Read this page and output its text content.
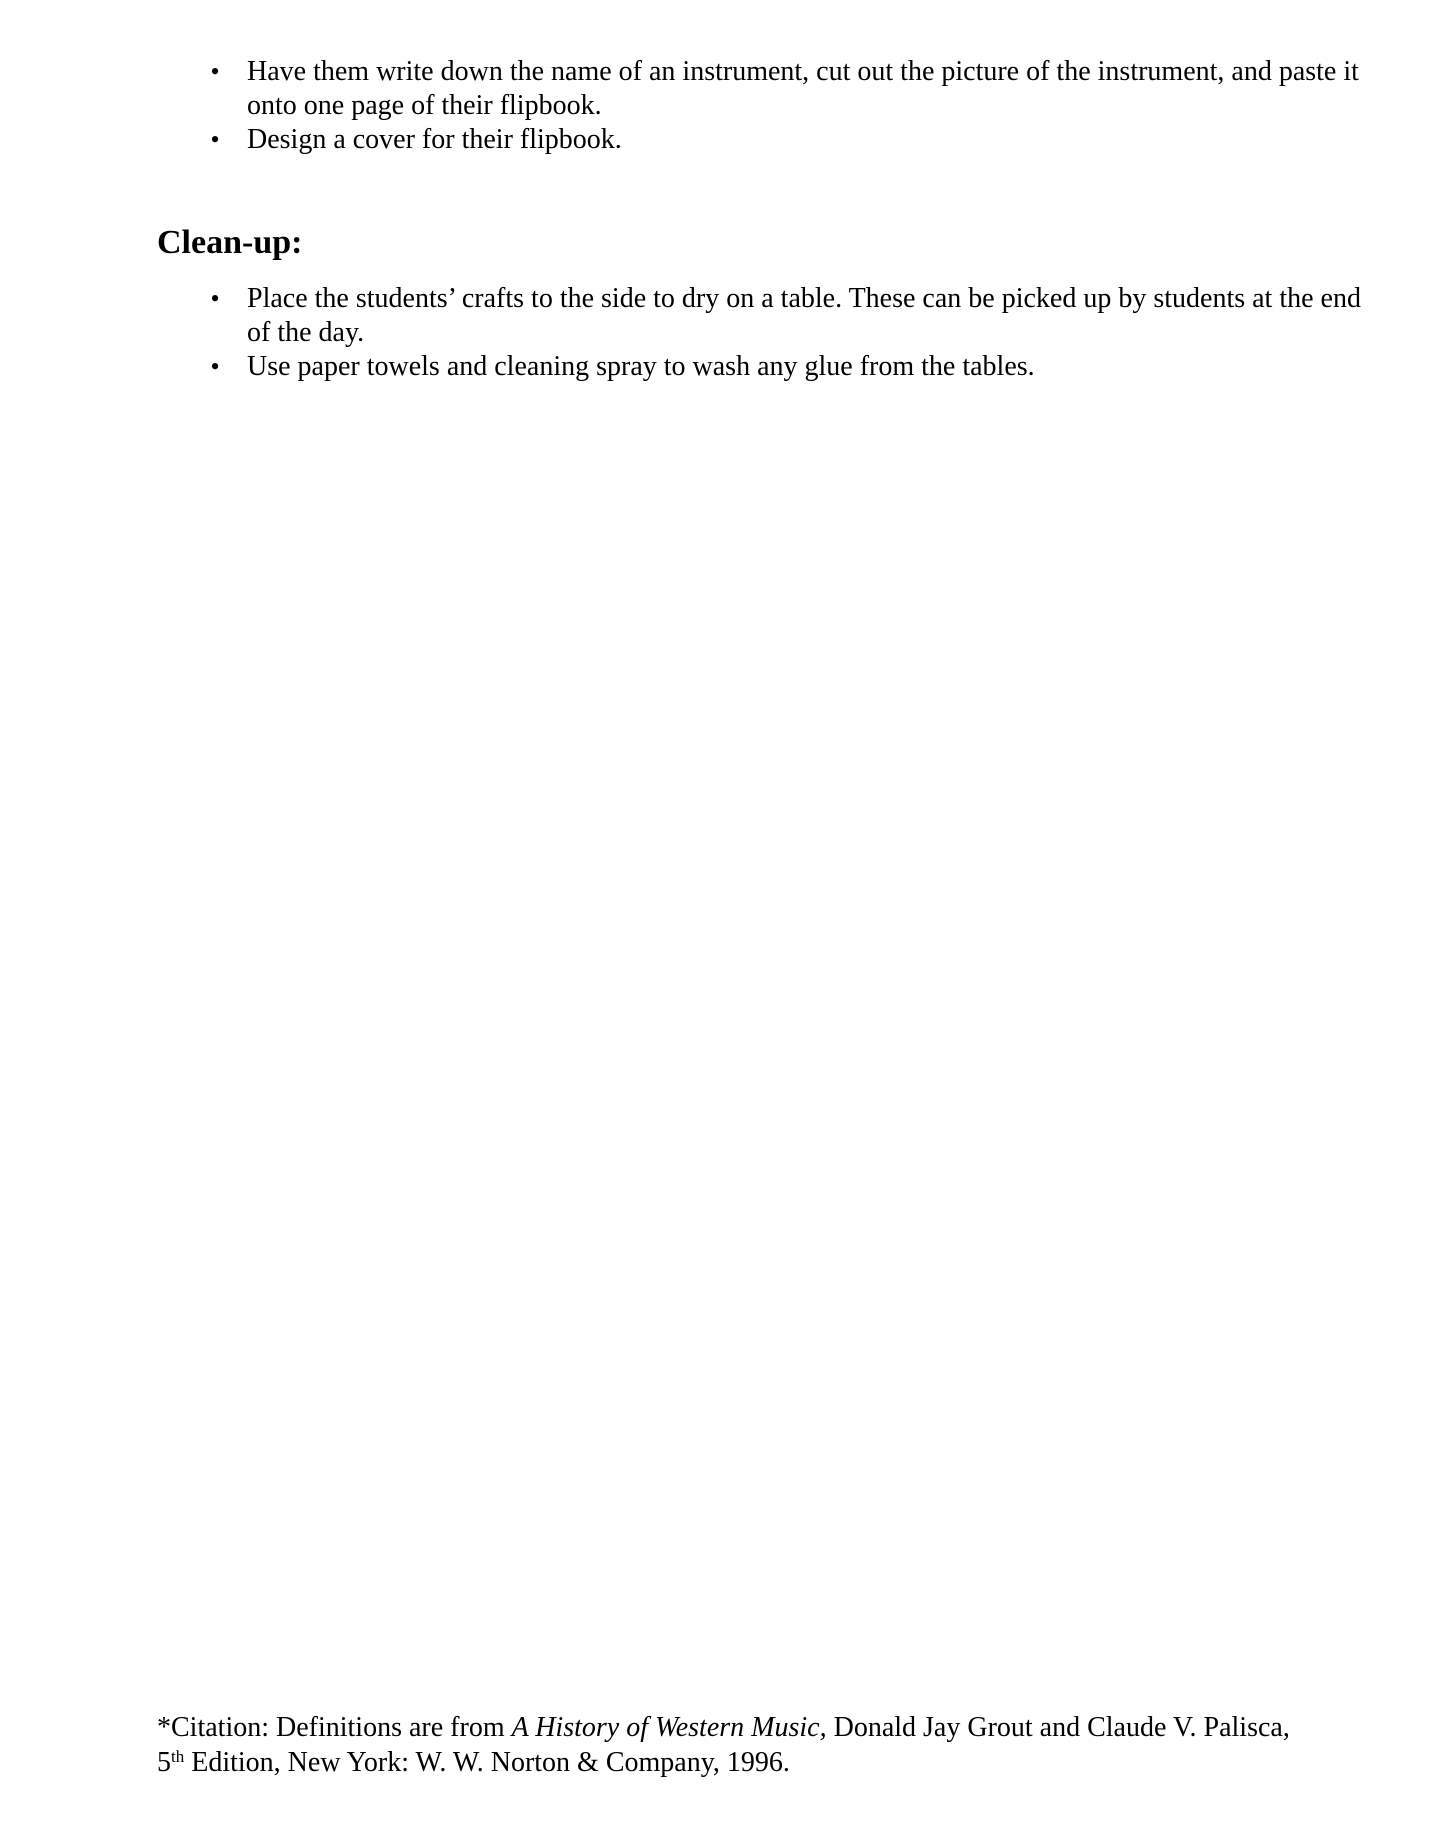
• Have them write down the name of an instrument, cut out the picture of the instrument, and paste it onto one page of their flipbook.
• Design a cover for their flipbook.
Clean-up:
• Place the students’ crafts to the side to dry on a table. These can be picked up by students at the end of the day.
• Use paper towels and cleaning spray to wash any glue from the tables.

*Citation: Definitions are from A History of Western Music, Donald Jay Grout and Claude V. Palisca,
5th Edition, New York: W. W. Norton & Company, 1996.
